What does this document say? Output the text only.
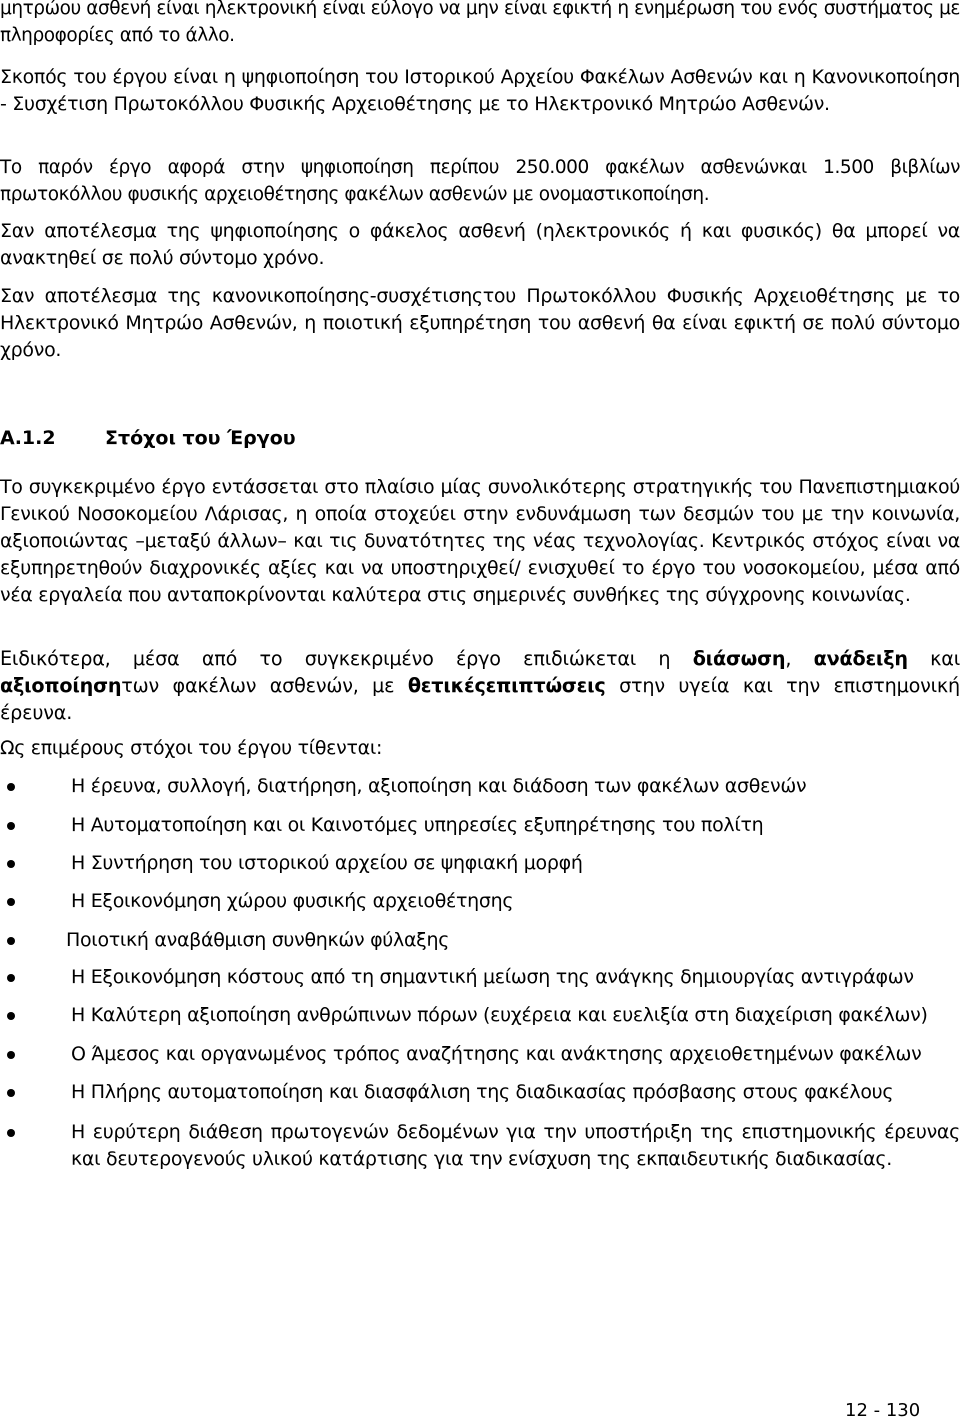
μητρώου ασθενή είναι ηλεκτρονική είναι εύλογο να μην είναι εφικτή η ενημέρωση του ενός συστήματος με πληροφορίες από το άλλο.

Σκοπός του έργου είναι η ψηφιοποίηση του Ιστορικού Αρχείου Φακέλων Ασθενών και η Κανονικοποίηση - Συσχέτιση Πρωτοκόλλου Φυσικής Αρχειοθέτησης με το Ηλεκτρονικό Μητρώο Ασθενών.

Το παρόν έργο αφορά στην ψηφιοποίηση περίπου 250.000 φακέλων ασθενώνκαι 1.500 βιβλίων πρωτοκόλλου φυσικής αρχειοθέτησης φακέλων ασθενών με ονομαστικοποίηση.

Σαν αποτέλεσμα της ψηφιοποίησης ο φάκελος ασθενή (ηλεκτρονικός ή και φυσικός) θα μπορεί να ανακτηθεί σε πολύ σύντομο χρόνο.

Σαν αποτέλεσμα της κανονικοποίησης-συσχέτισηςτου Πρωτοκόλλου Φυσικής Αρχειοθέτησης με το Ηλεκτρονικό Μητρώο Ασθενών, η ποιοτική εξυπηρέτηση του ασθενή θα είναι εφικτή σε πολύ σύντομο χρόνο.

Α.1.2	Στόχοι του Έργου

Το συγκεκριμένο έργο εντάσσεται στο πλαίσιο μίας συνολικότερης στρατηγικής του Πανεπιστημιακού Γενικού Νοσοκομείου Λάρισας, η οποία στοχεύει στην ενδυνάμωση των δεσμών του με την κοινωνία, αξιοποιώντας –μεταξύ άλλων– και τις δυνατότητες της νέας τεχνολογίας. Κεντρικός στόχος είναι να εξυπηρετηθούν διαχρονικές αξίες και να υποστηριχθεί/ ενισχυθεί το έργο του νοσοκομείου, μέσα από νέα εργαλεία που ανταποκρίνονται καλύτερα στις σημερινές συνθήκες της σύγχρονης κοινωνίας.

Ειδικότερα, μέσα από το συγκεκριμένο έργο επιδιώκεται η διάσωση, ανάδειξη και αξιοποίησητων φακέλων ασθενών, με θετικέςεπιπτώσεις στην υγεία και την επιστημονική έρευνα.

Ως επιμέρους στόχοι του έργου τίθενται:

Η έρευνα, συλλογή, διατήρηση, αξιοποίηση και διάδοση των φακέλων ασθενών
Η Αυτοματοποίηση και οι Καινοτόμες υπηρεσίες εξυπηρέτησης του πολίτη
Η Συντήρηση του ιστορικού αρχείου σε ψηφιακή μορφή
Η Εξοικονόμηση χώρου φυσικής αρχειοθέτησης
Ποιοτική αναβάθμιση συνθηκών φύλαξης
Η Εξοικονόμηση κόστους από τη σημαντική μείωση της ανάγκης δημιουργίας αντιγράφων
Η Καλύτερη αξιοποίηση ανθρώπινων πόρων (ευχέρεια και ευελιξία στη διαχείριση φακέλων)
Ο Άμεσος και οργανωμένος τρόπος αναζήτησης και ανάκτησης αρχειοθετημένων φακέλων
Η Πλήρης αυτοματοποίηση και διασφάλιση της διαδικασίας πρόσβασης στους φακέλους
Η ευρύτερη διάθεση πρωτογενών δεδομένων για την υποστήριξη της επιστημονικής έρευνας και δευτερογενούς υλικού κατάρτισης για την ενίσχυση της εκπαιδευτικής διαδικασίας.
12 - 130
